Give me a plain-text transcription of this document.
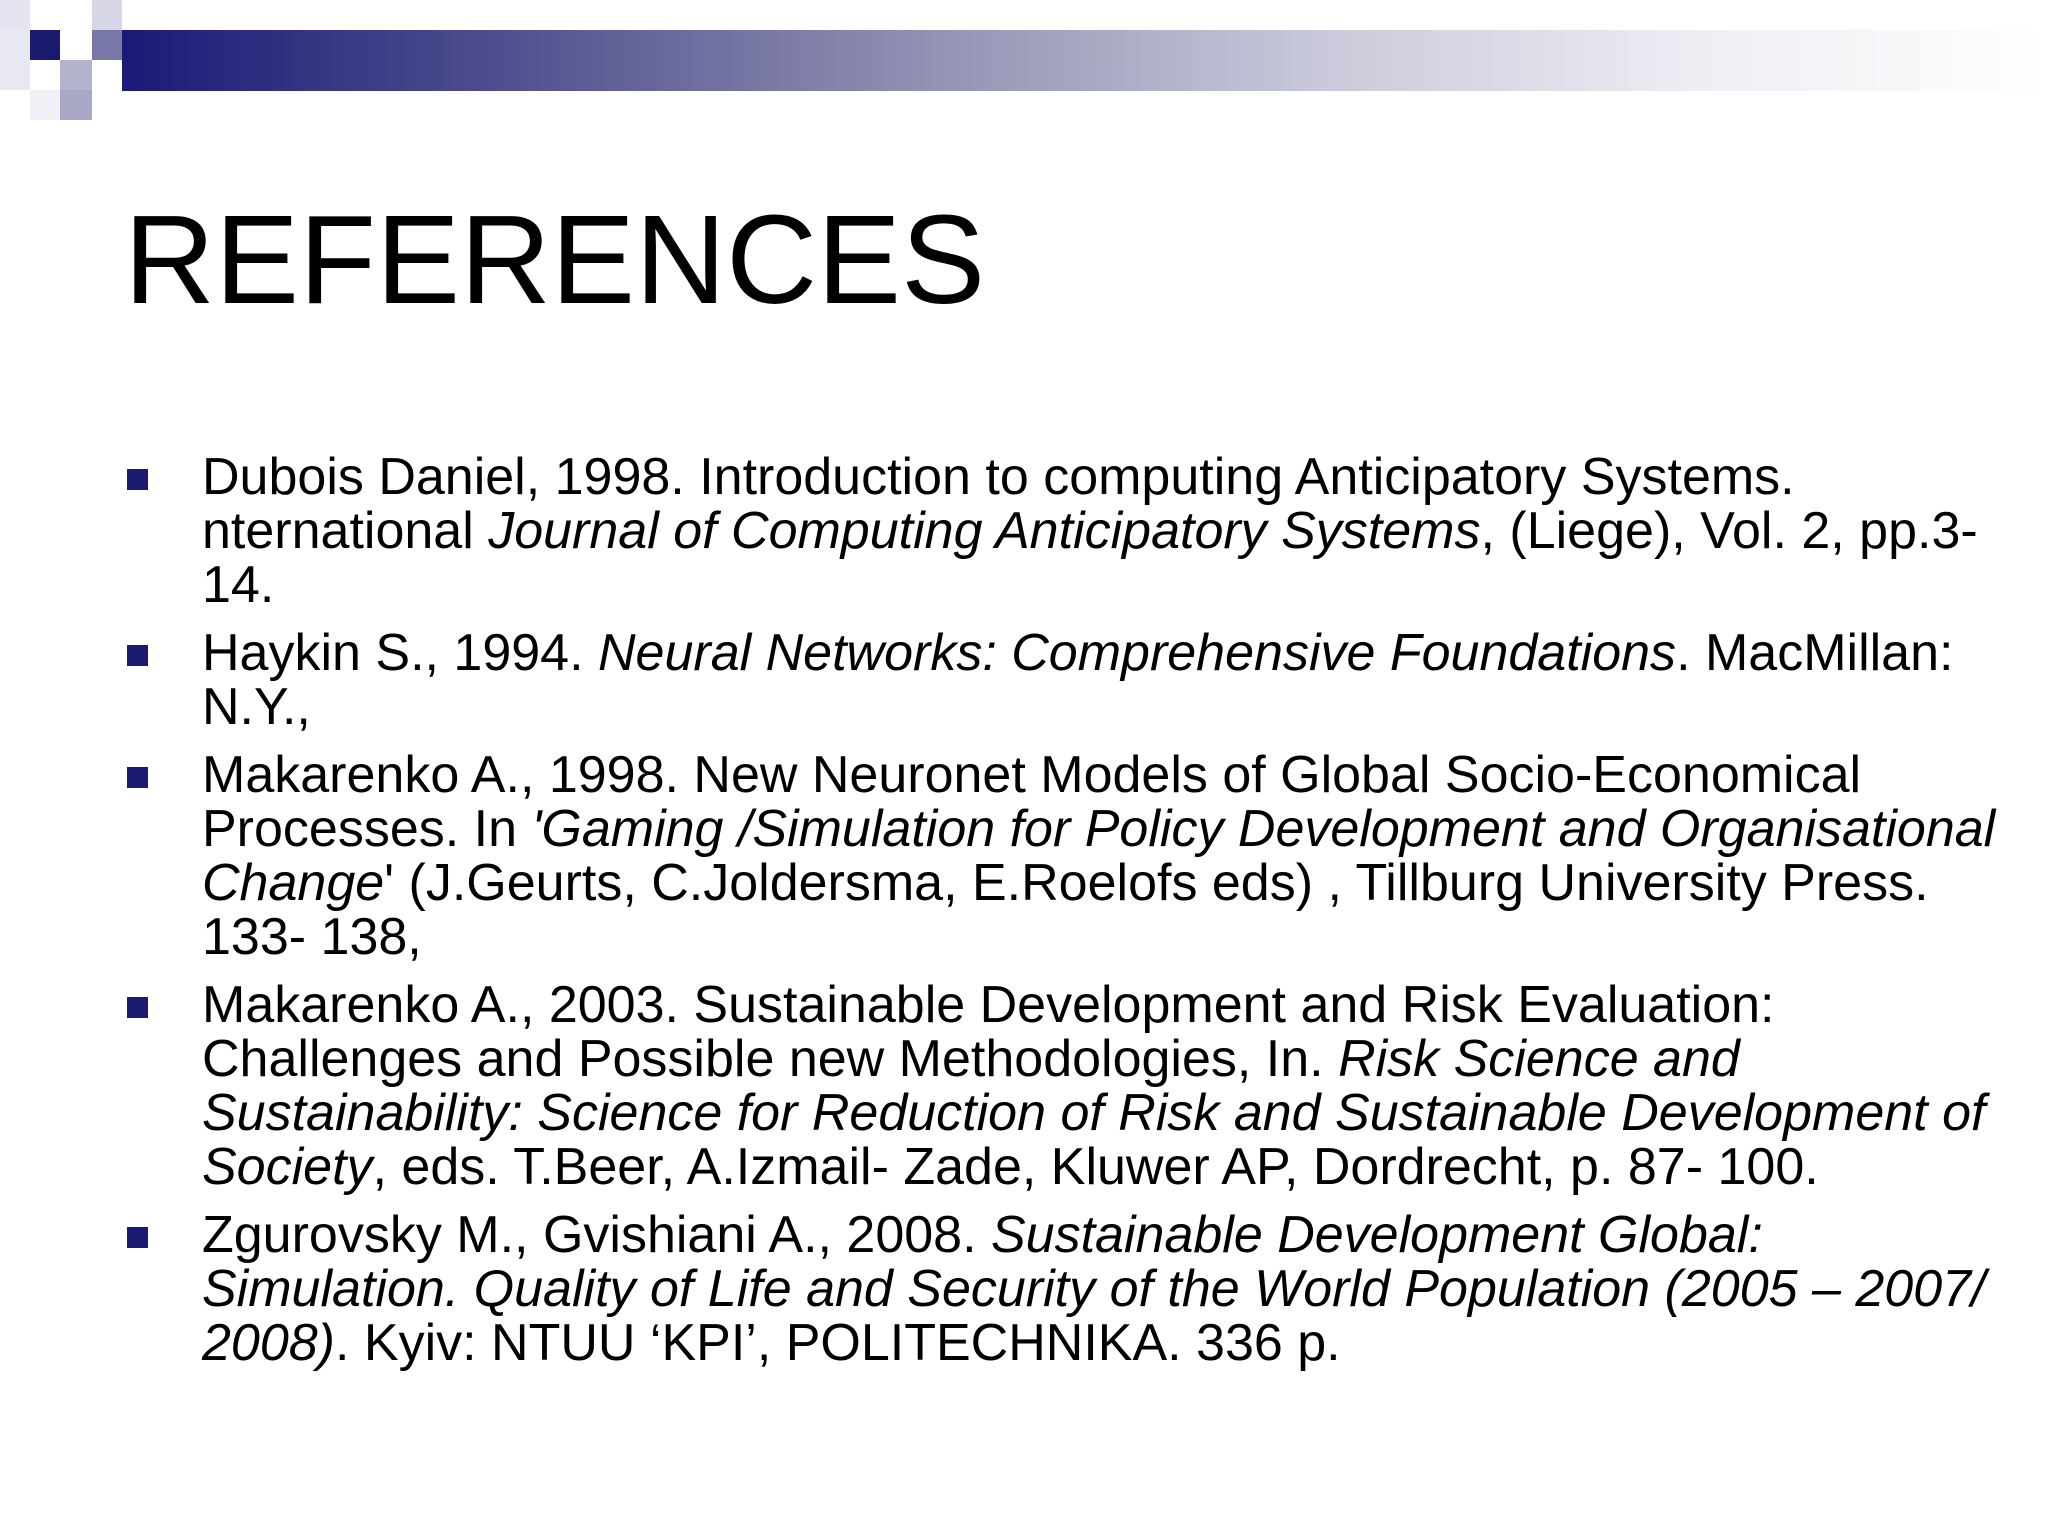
REFERENCES
Dubois Daniel, 1998. Introduction to computing Anticipatory Systems. nternational Journal of Computing Anticipatory Systems, (Liege), Vol. 2, pp.3-14.
Haykin S., 1994. Neural Networks: Comprehensive Foundations. MacMillan: N.Y.,
Makarenko A., 1998. New Neuronet Models of Global Socio-Economical Processes. In 'Gaming /Simulation for Policy Development and Organisational Change' (J.Geurts, C.Joldersma, E.Roelofs eds) , Tillburg University Press. 133- 138,
Makarenko A., 2003. Sustainable Development and Risk Evaluation: Challenges and Possible new Methodologies, In. Risk Science and Sustainability: Science for Reduction of Risk and Sustainable Development of Society, eds. T.Beer, A.Izmail- Zade, Kluwer AP, Dordrecht, p. 87- 100.
Zgurovsky M., Gvishiani A., 2008. Sustainable Development Global: Simulation. Quality of Life and Security of the World Population (2005 – 2007/ 2008). Kyiv: NTUU ‘KPI’, POLITECHNIKA. 336 p.
